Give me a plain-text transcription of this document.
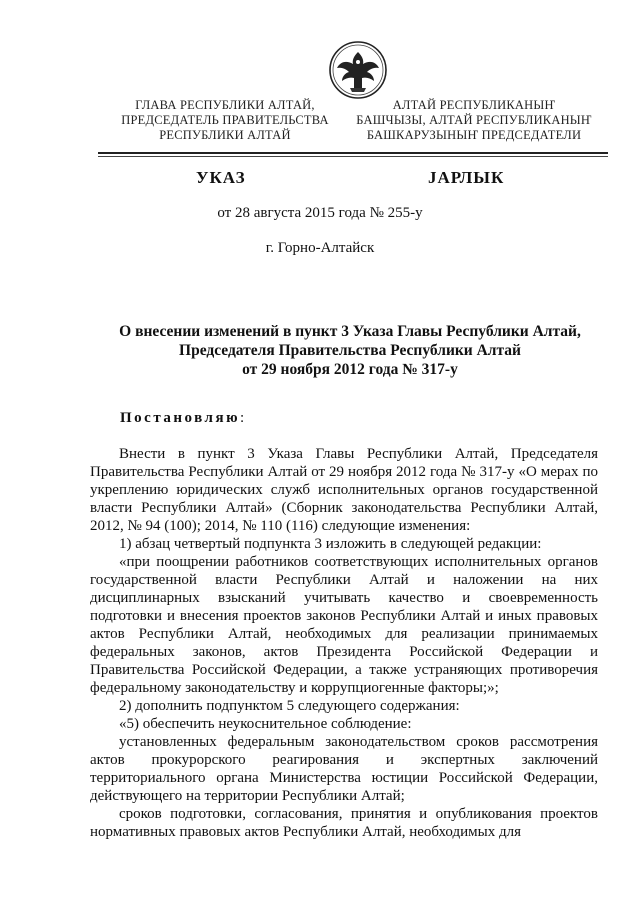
ГЛАВА РЕСПУБЛИКИ АЛТАЙ,
ПРЕДСЕДАТЕЛЬ ПРАВИТЕЛЬСТВА
РЕСПУБЛИКИ АЛТАЙ
АЛТАЙ РЕСПУБЛИКАНЫҤ
БАШЧЫЗЫ, АЛТАЙ РЕСПУБЛИКАНЫҤ
БАШКАРУЗЫНЫҤ ПРЕДСЕДАТЕЛИ
УКАЗ	JАРЛЫК
от 28 августа 2015 года № 255-у
г. Горно-Алтайск
О внесении изменений в пункт 3 Указа Главы Республики Алтай,
Председателя Правительства Республики Алтай
от 29 ноября 2012 года № 317-у
Постановляю:

Внести в пункт 3 Указа Главы Республики Алтай, Председателя Правительства Республики Алтай от 29 ноября 2012 года № 317-у «О мерах по укреплению юридических служб исполнительных органов государственной власти Республики Алтай» (Сборник законодательства Республики Алтай, 2012, № 94 (100); 2014, № 110 (116) следующие изменения:

1) абзац четвертый подпункта 3 изложить в следующей редакции:

«при поощрении работников соответствующих исполнительных органов государственной власти Республики Алтай и наложении на них дисциплинарных взысканий учитывать качество и своевременность подготовки и внесения проектов законов Республики Алтай и иных правовых актов Республики Алтай, необходимых для реализации принимаемых федеральных законов, актов Президента Российской Федерации и Правительства Российской Федерации, а также устраняющих противоречия федеральному законодательству и коррупциогенные факторы;»;

2) дополнить подпунктом 5 следующего содержания:

«5) обеспечить неукоснительное соблюдение:

установленных федеральным законодательством сроков рассмотрения актов прокурорского реагирования и экспертных заключений территориального органа Министерства юстиции Российской Федерации, действующего на территории Республики Алтай;

сроков подготовки, согласования, принятия и опубликования проектов нормативных правовых актов Республики Алтай, необходимых для
